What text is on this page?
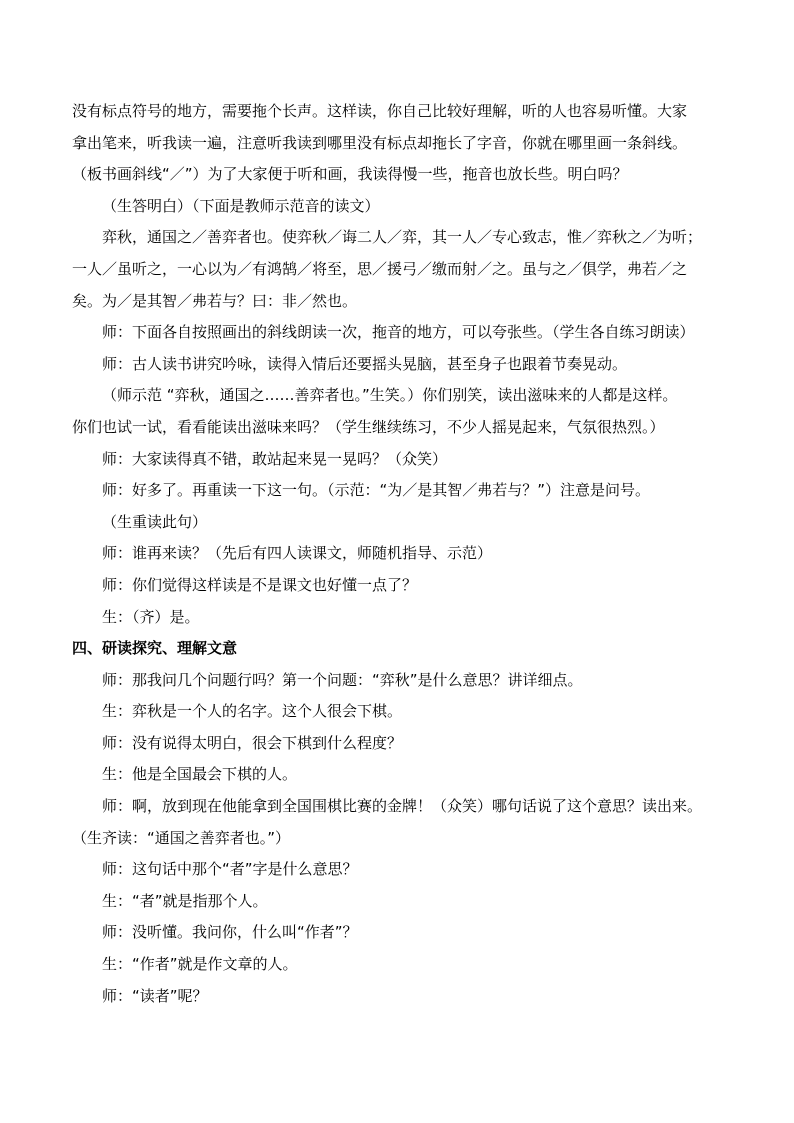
没有标点符号的地方，需要拖个长声。这样读，你自己比较好理解，听的人也容易听懂。大家
拿出笔来，听我读一遍，注意听我读到哪里没有标点却拖长了字音，你就在哪里画一条斜线。
（板书画斜线“／”）为了大家便于听和画，我读得慢一些，拖音也放长些。明白吗？
（生答明白）（下面是教师示范音的读文）
弈秋，通国之／善弈者也。使弈秋／诲二人／弈，其一人／专心致志，惟／弈秋之／为听；
一人／虽听之，一心以为／有鸿鹄／将至，思／援弓／缴而射／之。虽与之／俱学，弗若／之
矣。为／是其智／弗若与？曰：非／然也。
师：下面各自按照画出的斜线朗读一次，拖音的地方，可以夸张些。（学生各自练习朗读）
师：古人读书讲究吟咏，读得入情后还要摇头晃脑，甚至身子也跟着节奏晃动。
（师示范 “弈秋，通国之……善弈者也。”生笑。）你们别笑，读出滋味来的人都是这样。
你们也试一试，看看能读出滋味来吗？（学生继续练习，不少人摇晃起来，气氛很热烈。）
师：大家读得真不错，敢站起来晃一晃吗？（众笑）
师：好多了。再重读一下这一句。（示范：“为／是其智／弗若与？”）注意是问号。
（生重读此句）
师：谁再来读？（先后有四人读课文，师随机指导、示范）
师：你们觉得这样读是不是课文也好懂一点了？
生：（齐）是。
四、研读探究、理解文意
师：那我问几个问题行吗？第一个问题：“弈秋”是什么意思？讲详细点。
生：弈秋是一个人的名字。这个人很会下棋。
师：没有说得太明白，很会下棋到什么程度？
生：他是全国最会下棋的人。
师：啊，放到现在他能拿到全国围棋比赛的金牌！（众笑）哪句话说了这个意思？读出来。
（生齐读：“通国之善弈者也。”）
师：这句话中那个“者”字是什么意思？
生：“者”就是指那个人。
师：没听懂。我问你，什么叫“作者”？
生：“作者”就是作文章的人。
师：“读者”呢？
